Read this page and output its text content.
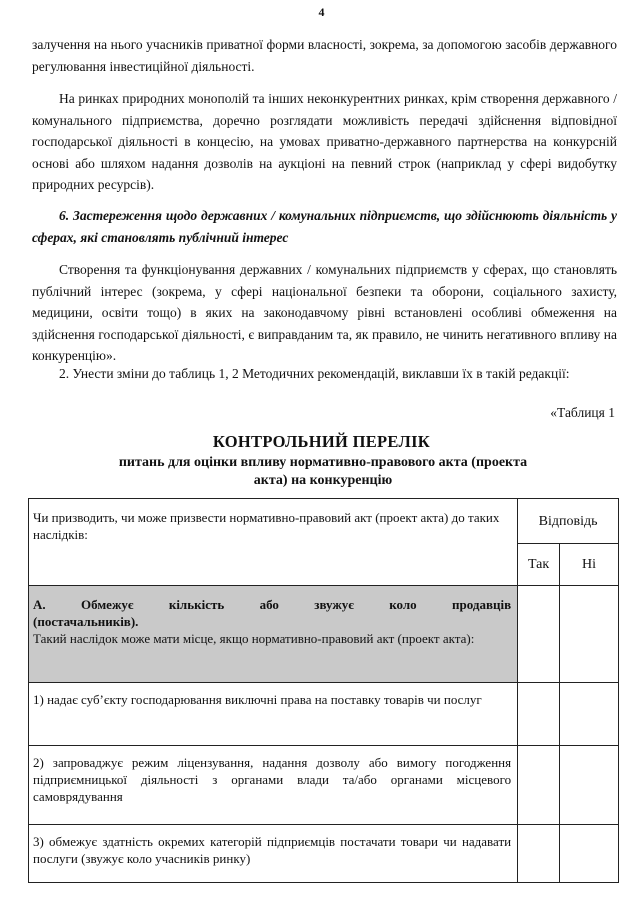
4
залучення на нього учасників приватної форми власності, зокрема, за допомогою засобів державного регулювання інвестиційної діяльності.
На ринках природних монополій та інших неконкурентних ринках, крім створення державного / комунального підприємства, доречно розглядати можливість передачі здійснення відповідної господарської діяльності в концесію, на умовах приватно-державного партнерства на конкурсній основі або шляхом надання дозволів на аукціоні на певний строк (наприклад у сфері видобутку природних ресурсів).
6. Застереження щодо державних / комунальних підприємств, що здійснюють діяльність у сферах, які становлять публічний інтерес
Створення та функціонування державних / комунальних підприємств у сферах, що становлять публічний інтерес (зокрема, у сфері національної безпеки та оборони, соціального захисту, медицини, освіти тощо) в яких на законодавчому рівні встановлені особливі обмеження на здійснення господарської діяльності, є виправданим та, як правило, не чинить негативного впливу на конкуренцію».
2. Унести зміни до таблиць 1, 2 Методичних рекомендацій, виклавши їх в такій редакції:
«Таблиця 1
КОНТРОЛЬНИЙ ПЕРЕЛІК
питань для оцінки впливу нормативно-правового акта (проекта акта) на конкуренцію
Чи призводить, чи може призвести нормативно-правовий акт (проект акта) до таких наслідків:	Відповідь	
	Так	Ні

А. Обмежує кількість або звужує коло продавців
(постачальників).
Такий наслідок може мати місце, якщо нормативно-правовий акт (проект акта):		

1) надає суб’єкту господарювання виключні права на поставку товарів чи послуг		
2) запроваджує режим ліцензування, надання дозволу або вимогу погодження підприємницької діяльності з органами влади та/або органами місцевого самоврядування		
3) обмежує здатність окремих категорій підприємців постачати товари чи надавати послуги (звужує коло учасників ринку)		
